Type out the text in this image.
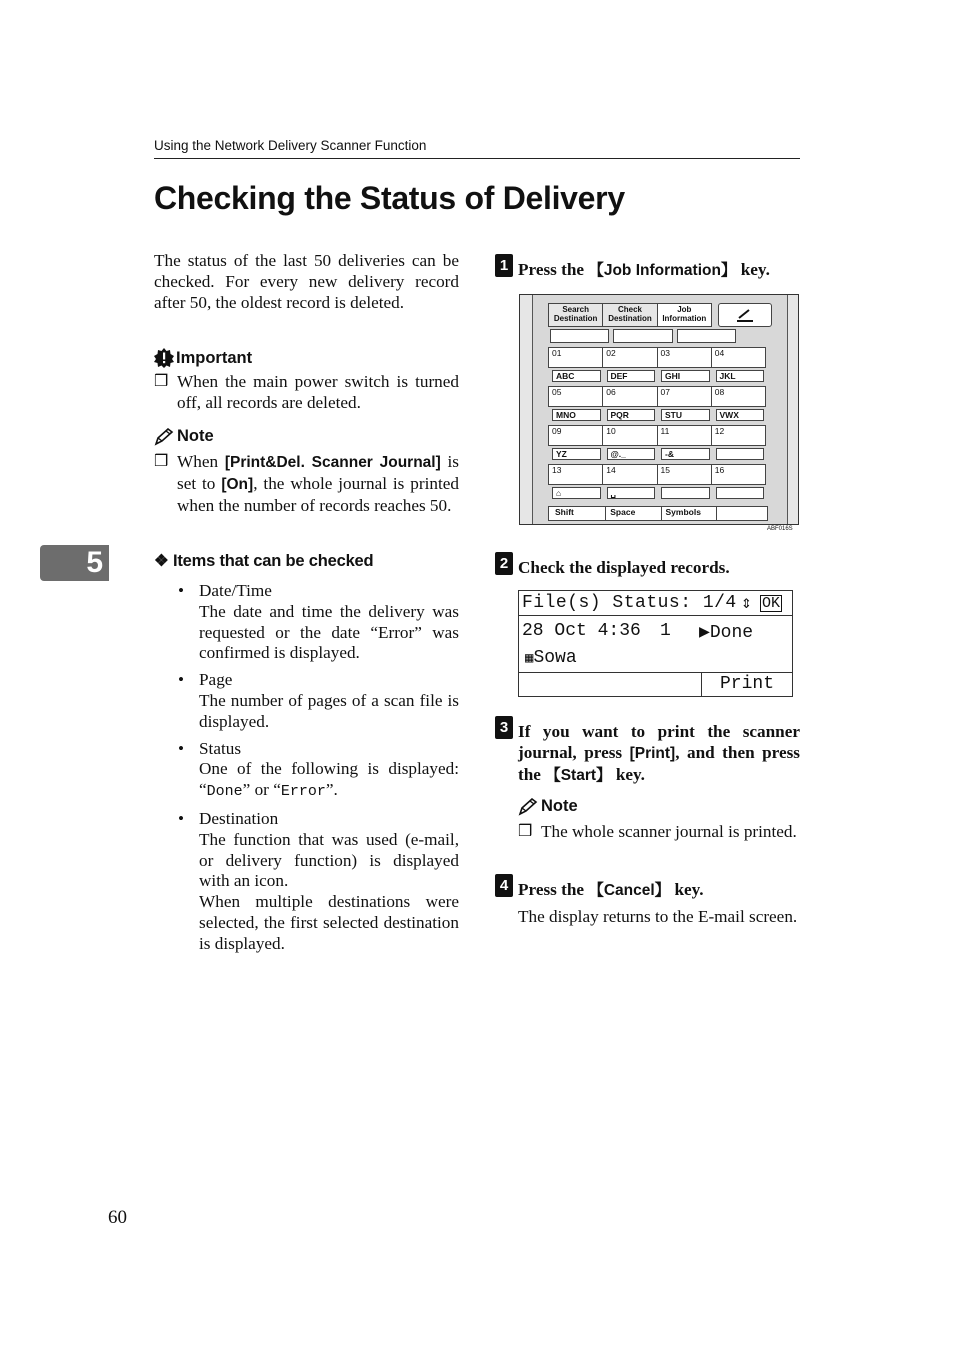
Using the Network Delivery Scanner Function
Checking the Status of Delivery
The status of the last 50 deliveries can be checked. For every new delivery record after 50, the oldest record is deleted.
Important
❒ When the main power switch is turned off, all records are deleted.
Note
❒ When [Print&Del. Scanner Journal] is set to [On], the whole journal is printed when the number of records reaches 50.
5	❖ Items that can be checked
• Date/Time
The date and time the delivery was requested or the date “Error” was confirmed is displayed.
• Page
The number of pages of a scan file is displayed.
• Status
One of the following is displayed: “Done” or “Error”.
• Destination
The function that was used (e-mail, or delivery function) is displayed with an icon.
When multiple destinations were selected, the first selected destination is displayed.
1 Press the 【Job Information】 key.
Search Destination
Check Destination
Job Information
01	02	03	04
ABC	DEF	GHI	JKL
05	06	07	08
MNO	PQR	STU	VWX
09	10	11	12
YZ	@._	-&
13	14	15	16
⌂	␣
Shift	Space	Symbols
ABF016S
2 Check the displayed records.
File(s) Status: 1/4 ⇕ OK
28 Oct 4:36 1 ▶Done
▦Sowa
Print
3 If you want to print the scanner journal, press [Print], and then press the 【Start】 key.
Note
❒ The whole scanner journal is printed.
4 Press the 【Cancel】 key.
The display returns to the E-mail screen.
60
